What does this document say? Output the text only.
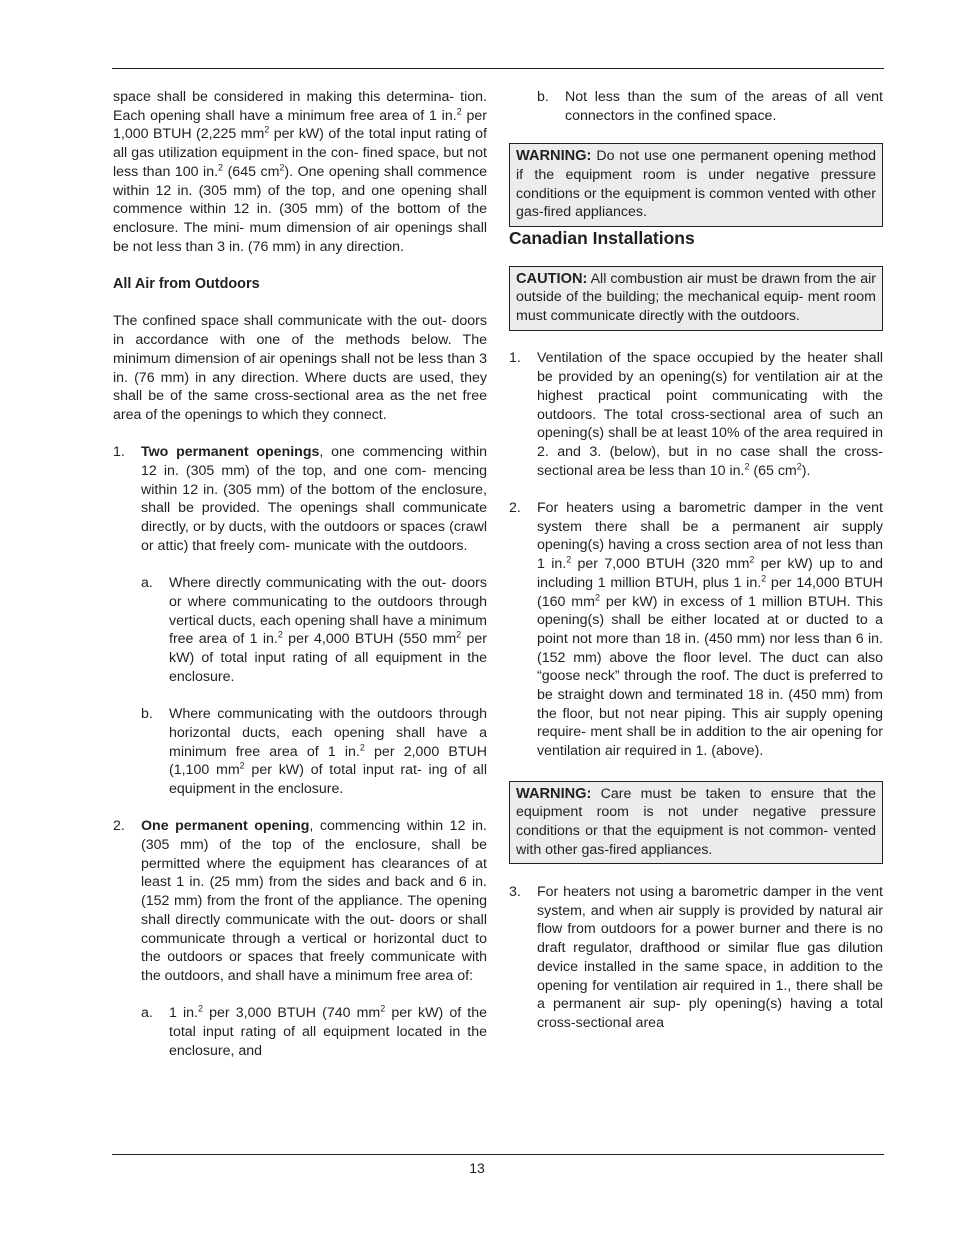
space shall be considered in making this determina- tion. Each opening shall have a minimum free area of 1 in.$^2$ per 1,000 BTUH (2,225 $mm^2$ per kW) of the total input rating of all gas utilization equipment in the con- fined space, but not less than 100 in.$^2$ (645 $cm^2$). One opening shall commence within 12 in. (305 mm) of the top, and one opening shall commence within 12 in. (305 mm) of the bottom of the enclosure. The mini- mum dimension of air openings shall be not less than 3 in. (76 mm) in any direction.

All Air from Outdoors

The confined space shall communicate with the out- doors in accordance with one of the methods below. The minimum dimension of air openings shall not be less than 3 in. (76 mm) in any direction. Where ducts are used, they shall be of the same cross-sectional area as the net free area of the openings to which they connect.

1.	Two permanent openings, one commencing within 12 in. (305 mm) of the top, and one com- mencing within 12 in. (305 mm) of the bottom of the enclosure, shall be provided. The openings shall communicate directly, or by ducts, with the outdoors or spaces (crawl or attic) that freely com- municate with the outdoors.
a.	Where directly communicating with the out- doors or where communicating to the outdoors through vertical ducts, each opening shall have a minimum free area of 1 in.$^2$ per 4,000 BTUH (550 $mm^2$ per kW) of total input rating of all equipment in the enclosure.
b.	Where communicating with the outdoors through horizontal ducts, each opening shall have a minimum free area of 1 in.$^2$ per 2,000 BTUH (1,100 $mm^2$ per kW) of total input rat- ing of all equipment in the enclosure.
2.	One permanent opening, commencing within 12 in. (305 mm) of the top of the enclosure, shall be permitted where the equipment has clearances of at least 1 in. (25 mm) from the sides and back and 6 in. (152 mm) from the front of the appliance. The opening shall directly communicate with the out- doors or shall communicate through a vertical or horizontal duct to the outdoors or spaces that freely communicate with the outdoors, and shall have a minimum free area of:
a.	1 in.$^2$ per 3,000 BTUH (740 $mm^2$ per kW) of the total input rating of all equipment located in the enclosure, and
b.	Not less than the sum of the areas of all vent connectors in the confined space.
WARNING: Do not use one permanent opening method if the equipment room is under negative pressure conditions or the equipment is common vented with other gas-fired appliances.

Canadian Installations

CAUTION: All combustion air must be drawn from the air outside of the building; the mechanical equip- ment room must communicate directly with the outdoors.
1.	Ventilation of the space occupied by the heater shall be provided by an opening(s) for ventilation air at the highest practical point communicating with the outdoors. The total cross-sectional area of such an opening(s) shall be at least 10% of the area required in 2. and 3. (below), but in no case shall the cross-sectional area be less than 10 in.$^2$ (65 $cm^2$).
2.	For heaters using a barometric damper in the vent system there shall be a permanent air supply opening(s) having a cross section area of not less than 1 in.$^2$ per 7,000 BTUH (320 $mm^2$ per kW) up to and including 1 million BTUH, plus 1 in.$^2$ per 14,000 BTUH (160 $mm^2$ per kW) in excess of 1 million BTUH. This opening(s) shall be either located at or ducted to a point not more than 18 in. (450 mm) nor less than 6 in. (152 mm) above the floor level. The duct can also “goose neck” through the roof. The duct is preferred to be straight down and terminated 18 in. (450 mm) from the floor, but not near piping. This air supply opening require- ment shall be in addition to the air opening for ventilation air required in 1. (above).
WARNING: Care must be taken to ensure that the equipment room is not under negative pressure conditions or that the equipment is not common- vented with other gas-fired appliances.
3.	For heaters not using a barometric damper in the vent system, and when air supply is provided by natural air flow from outdoors for a power burner and there is no draft regulator, drafthood or similar flue gas dilution device installed in the same space, in addition to the opening for ventilation air required in 1., there shall be a permanent air sup- ply opening(s) having a total cross-sectional area
13
